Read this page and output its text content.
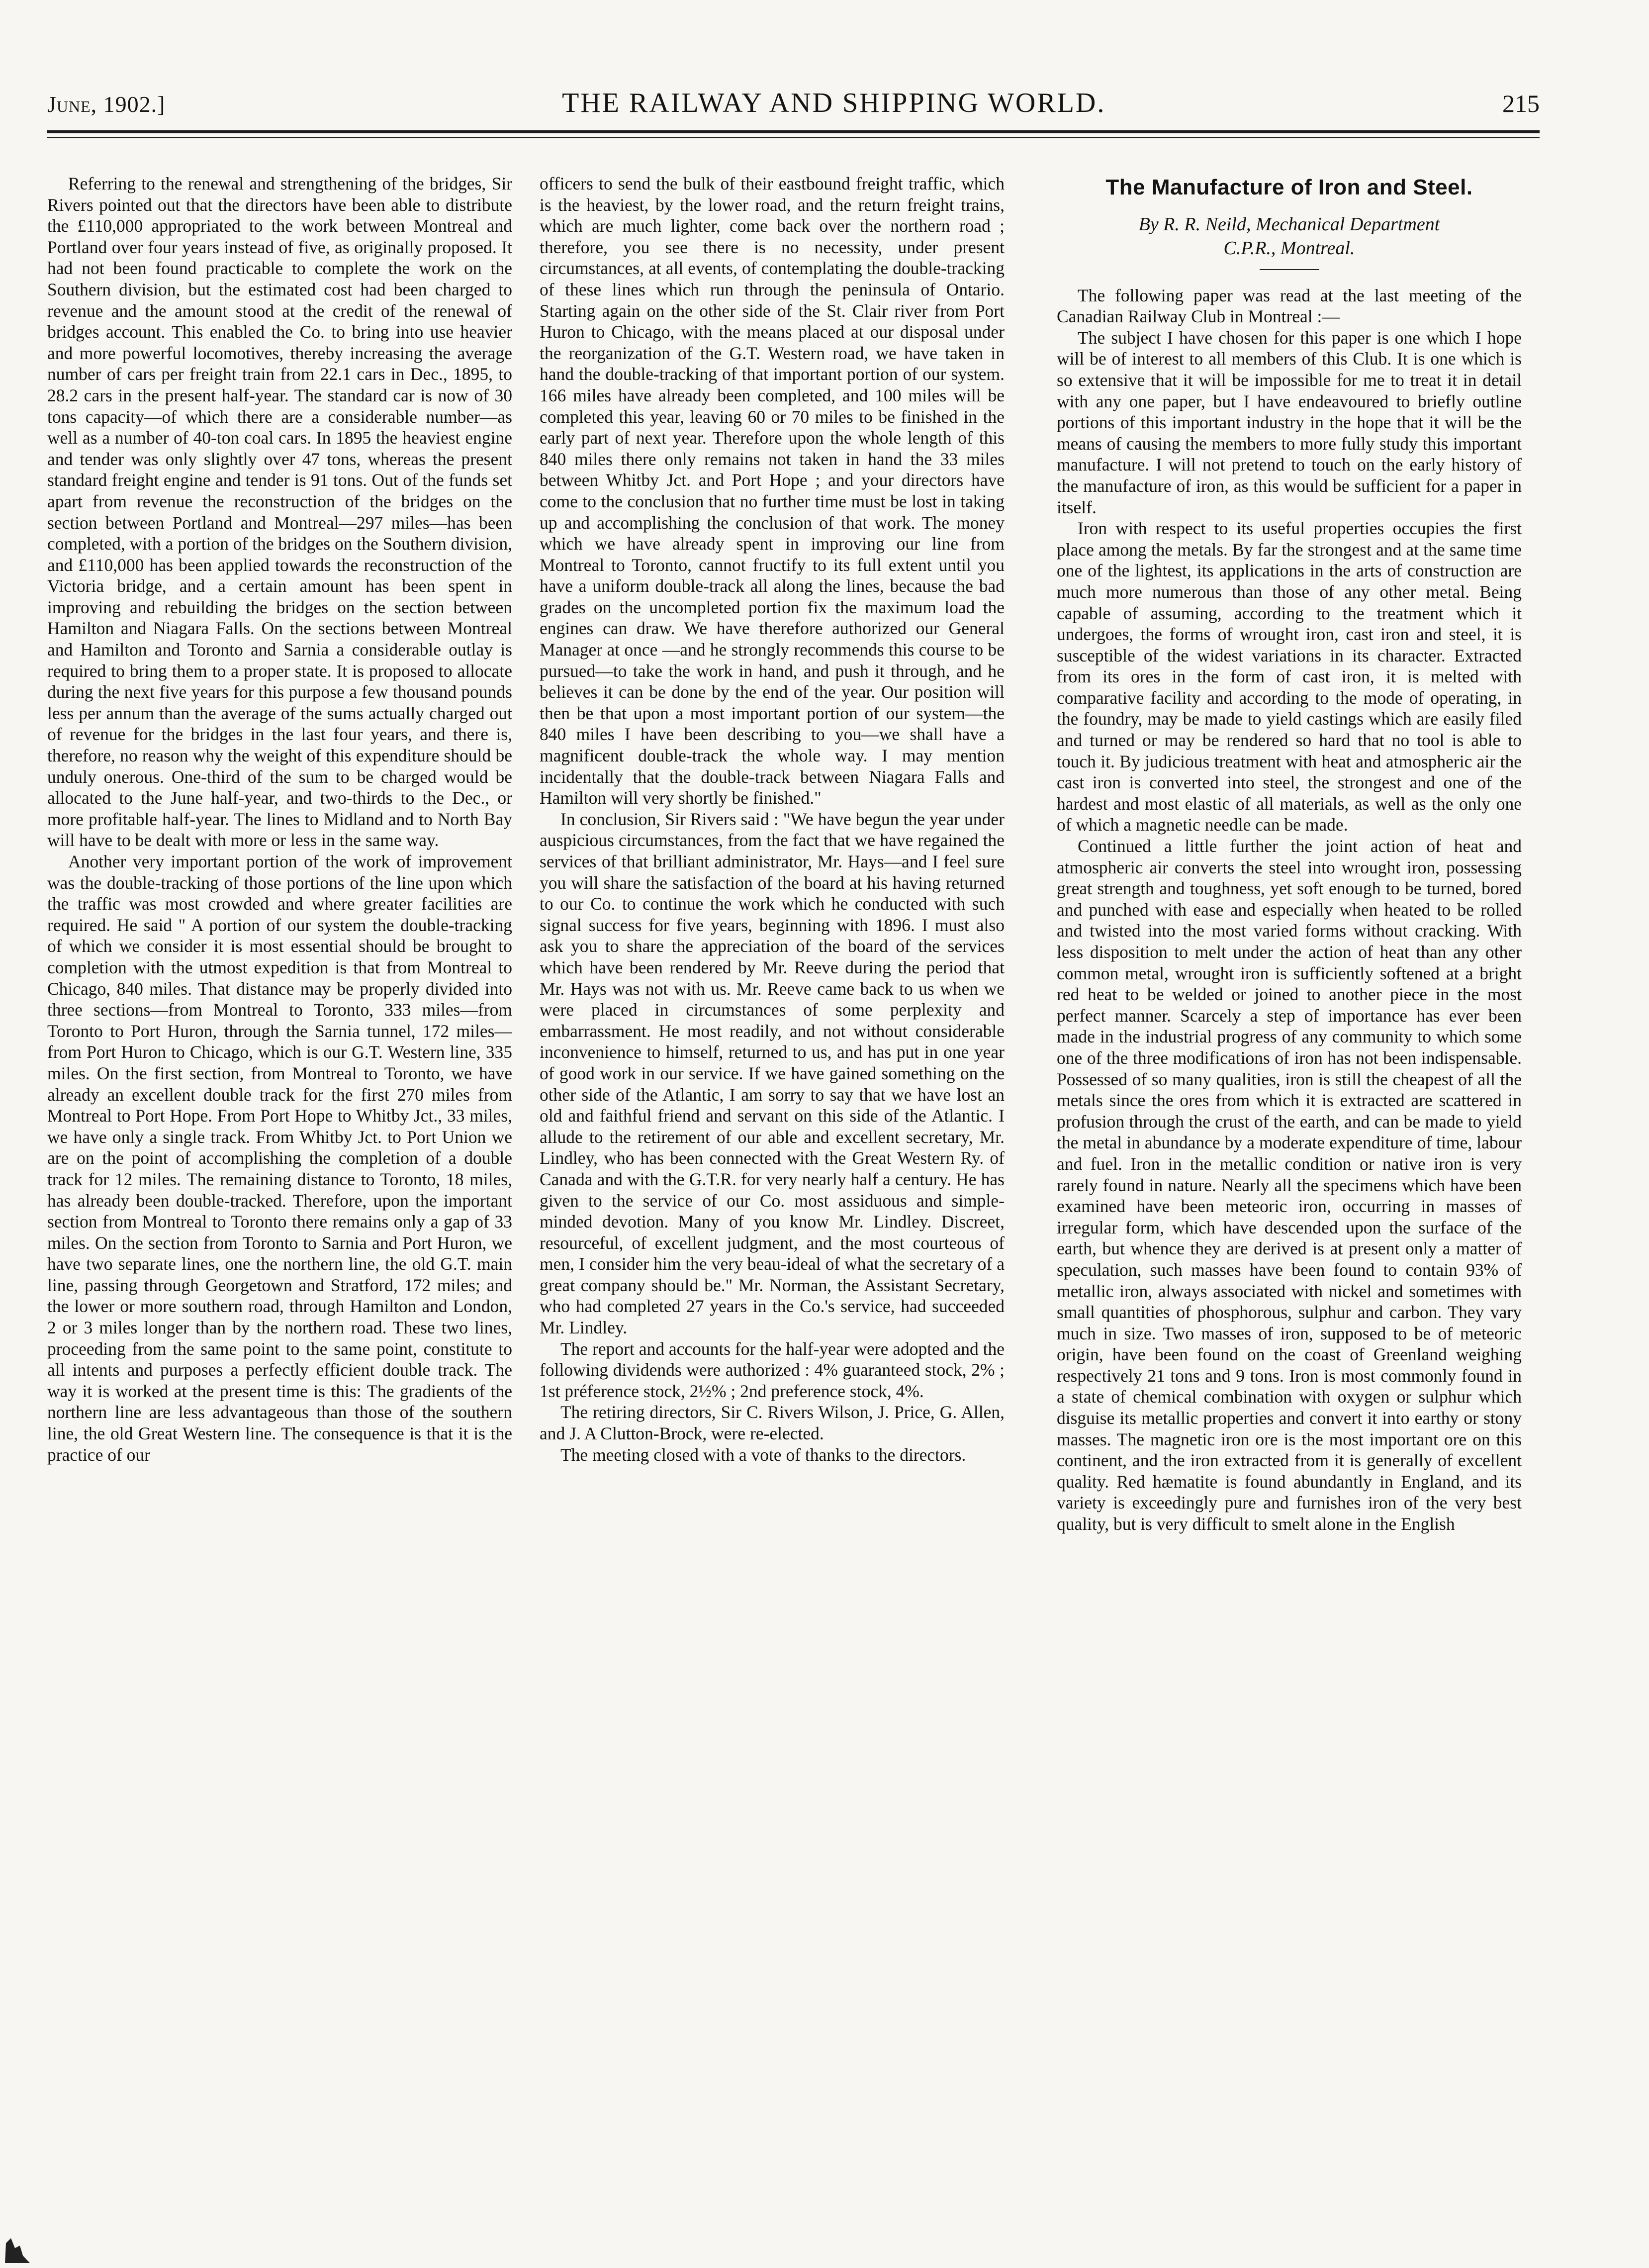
June, 1902.]	THE RAILWAY AND SHIPPING WORLD.	215

Referring to the renewal and strengthening of the bridges, Sir Rivers pointed out that the directors have been able to distribute the £110,000 appropriated to the work between Montreal and Portland over four years instead of five, as originally proposed. It had not been found practicable to complete the work on the Southern division, but the estimated cost had been charged to revenue and the amount stood at the credit of the renewal of bridges account. This enabled the Co. to bring into use heavier and more powerful locomotives, thereby increasing the average number of cars per freight train from 22.1 cars in Dec., 1895, to 28.2 cars in the present half-year. The standard car is now of 30 tons capacity—of which there are a considerable number—as well as a number of 40-ton coal cars. In 1895 the heaviest engine and tender was only slightly over 47 tons, whereas the present standard freight engine and tender is 91 tons. Out of the funds set apart from revenue the reconstruction of the bridges on the section between Portland and Montreal—297 miles—has been completed, with a portion of the bridges on the Southern division, and £110,000 has been applied towards the reconstruction of the Victoria bridge, and a certain amount has been spent in improving and rebuilding the bridges on the section between Hamilton and Niagara Falls. On the sections between Montreal and Hamilton and Toronto and Sarnia a considerable outlay is required to bring them to a proper state. It is proposed to allocate during the next five years for this purpose a few thousand pounds less per annum than the average of the sums actually charged out of revenue for the bridges in the last four years, and there is, therefore, no reason why the weight of this expenditure should be unduly onerous. One-third of the sum to be charged would be allocated to the June half-year, and two-thirds to the Dec., or more profitable half-year. The lines to Midland and to North Bay will have to be dealt with more or less in the same way.

Another very important portion of the work of improvement was the double-tracking of those portions of the line upon which the traffic was most crowded and where greater facilities are required. He said " A portion of our system the double-tracking of which we consider it is most essential should be brought to completion with the utmost expedition is that from Montreal to Chicago, 840 miles. That distance may be properly divided into three sections—from Montreal to Toronto, 333 miles—from Toronto to Port Huron, through the Sarnia tunnel, 172 miles—from Port Huron to Chicago, which is our G.T. Western line, 335 miles. On the first section, from Montreal to Toronto, we have already an excellent double track for the first 270 miles from Montreal to Port Hope. From Port Hope to Whitby Jct., 33 miles, we have only a single track. From Whitby Jct. to Port Union we are on the point of accomplishing the completion of a double track for 12 miles. The remaining distance to Toronto, 18 miles, has already been double-tracked. Therefore, upon the important section from Montreal to Toronto there remains only a gap of 33 miles. On the section from Toronto to Sarnia and Port Huron, we have two separate lines, one the northern line, the old G.T. main line, passing through Georgetown and Stratford, 172 miles; and the lower or more southern road, through Hamilton and London, 2 or 3 miles longer than by the northern road. These two lines, proceeding from the same point to the same point, constitute to all intents and purposes a perfectly efficient double track. The way it is worked at the present time is this: The gradients of the northern line are less advantageous than those of the southern line, the old Great Western line. The consequence is that it is the practice of our

officers to send the bulk of their eastbound freight traffic, which is the heaviest, by the lower road, and the return freight trains, which are much lighter, come back over the northern road ; therefore, you see there is no necessity, under present circumstances, at all events, of contemplating the double-tracking of these lines which run through the peninsula of Ontario. Starting again on the other side of the St. Clair river from Port Huron to Chicago, with the means placed at our disposal under the reorganization of the G.T. Western road, we have taken in hand the double-tracking of that important portion of our system. 166 miles have already been completed, and 100 miles will be completed this year, leaving 60 or 70 miles to be finished in the early part of next year. Therefore upon the whole length of this 840 miles there only remains not taken in hand the 33 miles between Whitby Jct. and Port Hope ; and your directors have come to the conclusion that no further time must be lost in taking up and accomplishing the conclusion of that work. The money which we have already spent in improving our line from Montreal to Toronto, cannot fructify to its full extent until you have a uniform double-track all along the lines, because the bad grades on the uncompleted portion fix the maximum load the engines can draw. We have therefore authorized our General Manager at once —and he strongly recommends this course to be pursued—to take the work in hand, and push it through, and he believes it can be done by the end of the year. Our position will then be that upon a most important portion of our system—the 840 miles I have been describing to you—we shall have a magnificent double-track the whole way. I may mention incidentally that the double-track between Niagara Falls and Hamilton will very shortly be finished."

In conclusion, Sir Rivers said : "We have begun the year under auspicious circumstances, from the fact that we have regained the services of that brilliant administrator, Mr. Hays—and I feel sure you will share the satisfaction of the board at his having returned to our Co. to continue the work which he conducted with such signal success for five years, beginning with 1896. I must also ask you to share the appreciation of the board of the services which have been rendered by Mr. Reeve during the period that Mr. Hays was not with us. Mr. Reeve came back to us when we were placed in circumstances of some perplexity and embarrassment. He most readily, and not without considerable inconvenience to himself, returned to us, and has put in one year of good work in our service. If we have gained something on the other side of the Atlantic, I am sorry to say that we have lost an old and faithful friend and servant on this side of the Atlantic. I allude to the retirement of our able and excellent secretary, Mr. Lindley, who has been connected with the Great Western Ry. of Canada and with the G.T.R. for very nearly half a century. He has given to the service of our Co. most assiduous and simple-minded devotion. Many of you know Mr. Lindley. Discreet, resourceful, of excellent judgment, and the most courteous of men, I consider him the very beau-ideal of what the secretary of a great company should be." Mr. Norman, the Assistant Secretary, who had completed 27 years in the Co.'s service, had succeeded Mr. Lindley.

The report and accounts for the half-year were adopted and the following dividends were authorized : 4% guaranteed stock, 2% ; 1st préference stock, 2½% ; 2nd preference stock, 4%.

The retiring directors, Sir C. Rivers Wilson, J. Price, G. Allen, and J. A Clutton-Brock, were re-elected.

The meeting closed with a vote of thanks to the directors.

The Manufacture of Iron and Steel.
By R. R. Neild, Mechanical Department
C.P.R., Montreal.

The following paper was read at the last meeting of the Canadian Railway Club in Montreal :—

The subject I have chosen for this paper is one which I hope will be of interest to all members of this Club. It is one which is so extensive that it will be impossible for me to treat it in detail with any one paper, but I have endeavoured to briefly outline portions of this important industry in the hope that it will be the means of causing the members to more fully study this important manufacture. I will not pretend to touch on the early history of the manufacture of iron, as this would be sufficient for a paper in itself.

Iron with respect to its useful properties occupies the first place among the metals. By far the strongest and at the same time one of the lightest, its applications in the arts of construction are much more numerous than those of any other metal. Being capable of assuming, according to the treatment which it undergoes, the forms of wrought iron, cast iron and steel, it is susceptible of the widest variations in its character. Extracted from its ores in the form of cast iron, it is melted with comparative facility and according to the mode of operating, in the foundry, may be made to yield castings which are easily filed and turned or may be rendered so hard that no tool is able to touch it. By judicious treatment with heat and atmospheric air the cast iron is converted into steel, the strongest and one of the hardest and most elastic of all materials, as well as the only one of which a magnetic needle can be made.

Continued a little further the joint action of heat and atmospheric air converts the steel into wrought iron, possessing great strength and toughness, yet soft enough to be turned, bored and punched with ease and especially when heated to be rolled and twisted into the most varied forms without cracking. With less disposition to melt under the action of heat than any other common metal, wrought iron is sufficiently softened at a bright red heat to be welded or joined to another piece in the most perfect manner. Scarcely a step of importance has ever been made in the industrial progress of any community to which some one of the three modifications of iron has not been indispensable. Possessed of so many qualities, iron is still the cheapest of all the metals since the ores from which it is extracted are scattered in profusion through the crust of the earth, and can be made to yield the metal in abundance by a moderate expenditure of time, labour and fuel. Iron in the metallic condition or native iron is very rarely found in nature. Nearly all the specimens which have been examined have been meteoric iron, occurring in masses of irregular form, which have descended upon the surface of the earth, but whence they are derived is at present only a matter of speculation, such masses have been found to contain 93% of metallic iron, always associated with nickel and sometimes with small quantities of phosphorous, sulphur and carbon. They vary much in size. Two masses of iron, supposed to be of meteoric origin, have been found on the coast of Greenland weighing respectively 21 tons and 9 tons. Iron is most commonly found in a state of chemical combination with oxygen or sulphur which disguise its metallic properties and convert it into earthy or stony masses. The magnetic iron ore is the most important ore on this continent, and the iron extracted from it is generally of excellent quality. Red hæmatite is found abundantly in England, and its variety is exceedingly pure and furnishes iron of the very best quality, but is very difficult to smelt alone in the English
